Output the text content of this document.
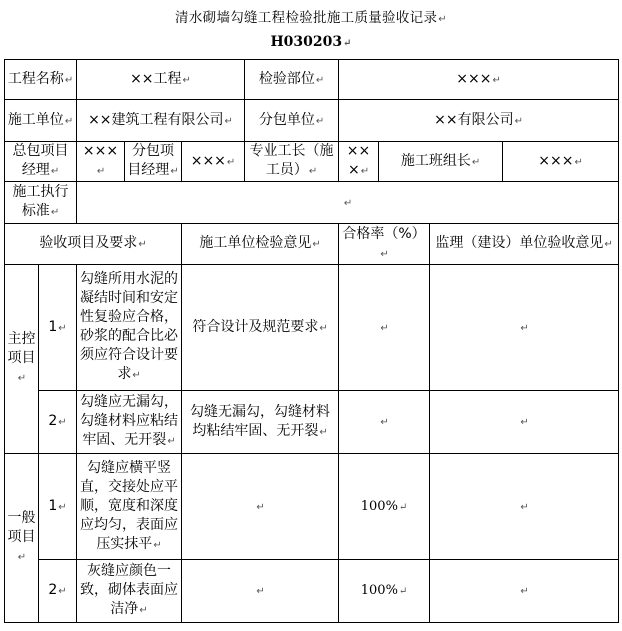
清水砌墙勾缝工程检验批施工质量验收记录↵
H030203↵
工程名称↵		××工程↵			检验部位↵	×××↵			
施工单位↵		××建筑工程有限公司↵			分包单位↵	××有限公司↵			
总包项目经理↵		×××↵	分包项目经理↵	×××↵	专业工长（施工员）↵	×××↵	施工班组长↵		×××↵
施工执行标准↵		↵							
验收项目及要求↵				施工单位检验意见↵		合格率（%）↵		监理（建设）单位验收意见↵	
主控项目↵	1↵	勾缝所用水泥的凝结时间和安定性复验应合格，砂浆的配合比必须应符合设计要求↵		符合设计及规范要求↵		↵		↵	
	2↵	勾缝应无漏勾，勾缝材料应粘结牢固、无开裂↵		勾缝无漏勾，勾缝材料均粘结牢固、无开裂↵		↵		↵	
一般项目↵	1↵	勾缝应横平竖直，交接处应平顺，宽度和深度应均匀，表面应压实抹平↵		↵		100%↵		↵	
	2↵	灰缝应颜色一致，砌体表面应洁净↵		↵		100%↵		↵	
